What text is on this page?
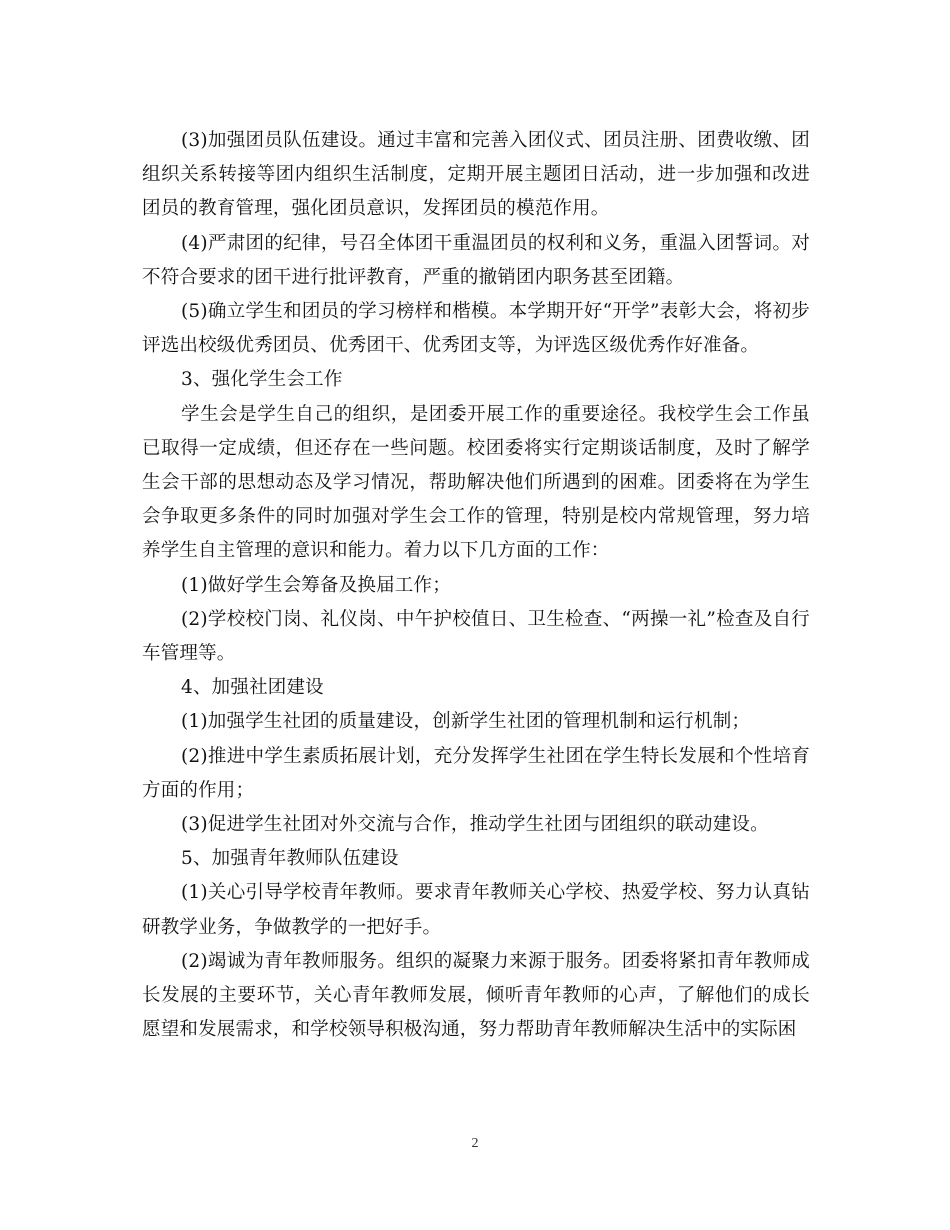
(3)加强团员队伍建设。通过丰富和完善入团仪式、团员注册、团费收缴、团组织关系转接等团内组织生活制度，定期开展主题团日活动，进一步加强和改进团员的教育管理，强化团员意识，发挥团员的模范作用。

(4)严肃团的纪律，号召全体团干重温团员的权利和义务，重温入团誓词。对不符合要求的团干进行批评教育，严重的撤销团内职务甚至团籍。

(5)确立学生和团员的学习榜样和楷模。本学期开好“开学”表彰大会，将初步评选出校级优秀团员、优秀团干、优秀团支等，为评选区级优秀作好准备。

3、强化学生会工作

学生会是学生自己的组织，是团委开展工作的重要途径。我校学生会工作虽已取得一定成绩，但还存在一些问题。校团委将实行定期谈话制度，及时了解学生会干部的思想动态及学习情况，帮助解决他们所遇到的困难。团委将在为学生会争取更多条件的同时加强对学生会工作的管理，特别是校内常规管理，努力培养学生自主管理的意识和能力。着力以下几方面的工作：

(1)做好学生会筹备及换届工作；

(2)学校校门岗、礼仪岗、中午护校值日、卫生检查、“两操一礼”检查及自行车管理等。

4、加强社团建设

(1)加强学生社团的质量建设，创新学生社团的管理机制和运行机制；

(2)推进中学生素质拓展计划，充分发挥学生社团在学生特长发展和个性培育方面的作用；

(3)促进学生社团对外交流与合作，推动学生社团与团组织的联动建设。

5、加强青年教师队伍建设

(1)关心引导学校青年教师。要求青年教师关心学校、热爱学校、努力认真钻研教学业务，争做教学的一把好手。

(2)竭诚为青年教师服务。组织的凝聚力来源于服务。团委将紧扣青年教师成长发展的主要环节，关心青年教师发展，倾听青年教师的心声，了解他们的成长愿望和发展需求，和学校领导积极沟通，努力帮助青年教师解决生活中的实际困

2
